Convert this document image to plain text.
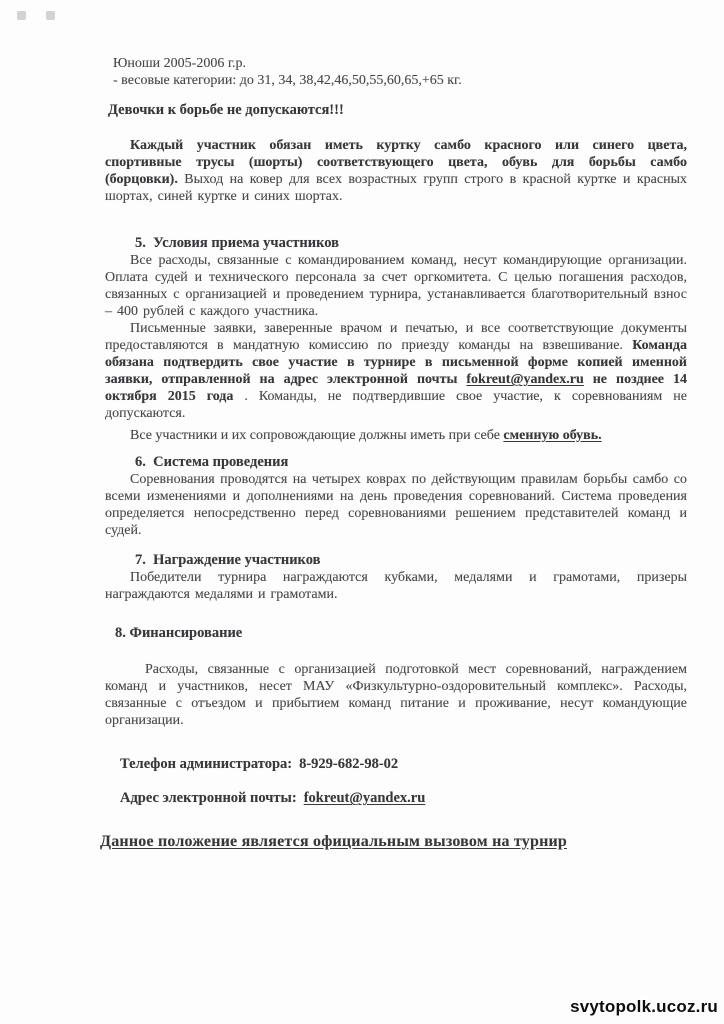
Юноши 2005-2006 г.р.

- весовые категории: до 31, 34, 38,42,46,50,55,60,65,+65 кг.

Девочки к борьбе не допускаются!!!

Каждый участник обязан иметь куртку самбо красного или синего цвета, спортивные трусы (шорты) соответствующего цвета, обувь для борьбы самбо (борцовки). Выход на ковер для всех возрастных групп строго в красной куртке и красных шортах, синей куртке и синих шортах.

5.  Условия приема участников

Все расходы, связанные с командированием команд, несут командирующие организации. Оплата судей и технического персонала за счет оргкомитета. С целью погашения расходов, связанных с организацией и проведением турнира, устанавливается благотворительный взнос – 400 рублей с каждого участника.

Письменные заявки, заверенные врачом и печатью, и все соответствующие документы предоставляются в мандатную комиссию по приезду команды на взвешивание. Команда обязана подтвердить свое участие в турнире в письменной форме копией именной заявки, отправленной на адрес электронной почты fokreut@yandex.ru не позднее 14 октября 2015 года . Команды, не подтвердившие свое участие, к соревнованиям не допускаются.

Все участники и их сопровождающие должны иметь при себе сменную обувь.

6.  Система проведения

Соревнования проводятся на четырех коврах по действующим правилам борьбы самбо со всеми изменениями и дополнениями на день проведения соревнований. Система проведения определяется непосредственно перед соревнованиями решением представителей команд и судей.

7.  Награждение участников

Победители турнира награждаются кубками, медалями и грамотами, призеры награждаются медалями и грамотами.

8. Финансирование

Расходы, связанные с организацией подготовкой мест соревнований, награждением команд и участников, несет МАУ «Физкультурно-оздоровительный комплекс». Расходы, связанные с отъездом и прибытием команд питание и проживание, несут командующие организации.

Телефон администратора: 8-929-682-98-02

Адрес электронной почты: fokreut@yandex.ru

Данное положение является официальным вызовом на турнир

svytopolk.ucoz.ru
